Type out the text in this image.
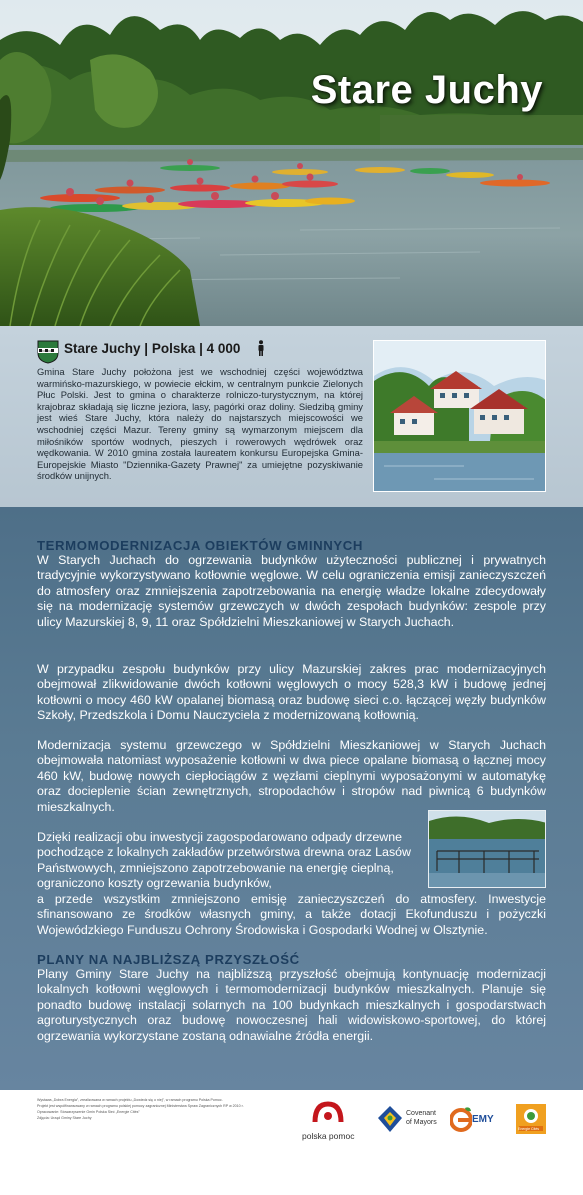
Stare Juchy
Stare Juchy | Polska | 4 000
Gmina Stare Juchy położona jest we wschodniej części województwa warmińsko-mazurskiego, w powiecie ełckim, w centralnym punkcie Zielonych Płuc Polski. Jest to gmina o charakterze rolniczo-turystycznym, na której krajobraz składają się liczne jeziora, lasy, pagórki oraz doliny. Siedzibą gminy jest wieś Stare Juchy, która należy do najstarszych miejscowości we wschodniej części Mazur. Tereny gminy są wymarzonym miejscem dla miłośników sportów wodnych, pieszych i rowerowych wędrówek oraz wędkowania. W 2010 gmina została laureatem konkursu Europejska Gmina-Europejskie Miasto "Dziennika-Gazety Prawnej" za umiejętne pozyskiwanie środków unijnych.
TERMOMODERNIZACJA OBIEKTÓW GMINNYCH
W Starych Juchach do ogrzewania budynków użyteczności publicznej i prywatnych tradycyjnie wykorzystywano kotłownie węglowe. W celu ograniczenia emisji zanieczyszczeń do atmosfery oraz zmniejszenia zapotrzebowania na energię władze lokalne zdecydowały się na modernizację systemów grzewczych w dwóch zespołach budynków: zespole przy ulicy Mazurskiej 8, 9, 11 oraz Spółdzielni Mieszkaniowej w Starych Juchach.
W przypadku zespołu budynków przy ulicy Mazurskiej zakres prac modernizacyjnych obejmował zlikwidowanie dwóch kotłowni węglowych o mocy 528,3 kW i budowę jednej kotłowni o mocy 460 kW opalanej biomasą oraz budowę sieci c.o. łączącej węzły budynków Szkoły, Przedszkola i Domu Nauczyciela z modernizowaną kotłownią.
Modernizacja systemu grzewczego w Spółdzielni Mieszkaniowej w Starych Juchach obejmowała natomiast wyposażenie kotłowni w dwa piece opalane biomasą o łącznej mocy 460 kW, budowę nowych ciepłociągów z węzłami cieplnymi wyposażonymi w automatykę oraz docieplenie ścian zewnętrznych, stropodachów i stropów nad piwnicą 6 budynków mieszkalnych.
Dzięki realizacji obu inwestycji zagospodarowano odpady drzewne pochodzące z lokalnych zakładów przetwórstwa drewna oraz Lasów Państwowych, zmniejszono zapotrzebowanie na energię cieplną, ograniczono koszty ogrzewania budynków,
a przede wszystkim zmniejszono emisję zanieczyszczeń do atmosfery. Inwestycje sfinansowano ze środków własnych gminy, a także dotacji Ekofunduszu i pożyczki Wojewódzkiego Funduszu Ochrony Środowiska i Gospodarki Wodnej w Olsztynie.
PLANY NA NAJBLIŻSZĄ PRZYSZŁOŚĆ
Plany Gminy Stare Juchy na najbliższą przyszłość obejmują kontynuację modernizacji lokalnych kotłowni węglowych i termomodernizacji budynków mieszkalnych. Planuje się ponadto budowę instalacji solarnych na 100 budynkach mieszkalnych i gospodarstwach agroturystycznych oraz budowę nowoczesnej hali widowiskowo-sportowej, do której ogrzewania wykorzystane zostaną odnawialne źródła energii.
Wystawa „Dobra Energia”, zrealizowana w ramach projektu „Dowiedz się o niej”, w ramach programu Polska Pomoc.
Projekt jest współfinansowany w ramach programu polskiej pomocy zagranicznej Ministerstwa Spraw Zagranicznych RP w 2010 r.
Opracowanie: Stowarzyszenie Gmin Polska Sieć „Energie Cités”
Zdjęcia: Urząd Gminy Stare Juchy
polska pomoc
Covenant
of Mayors	EMY
Energie Cités
